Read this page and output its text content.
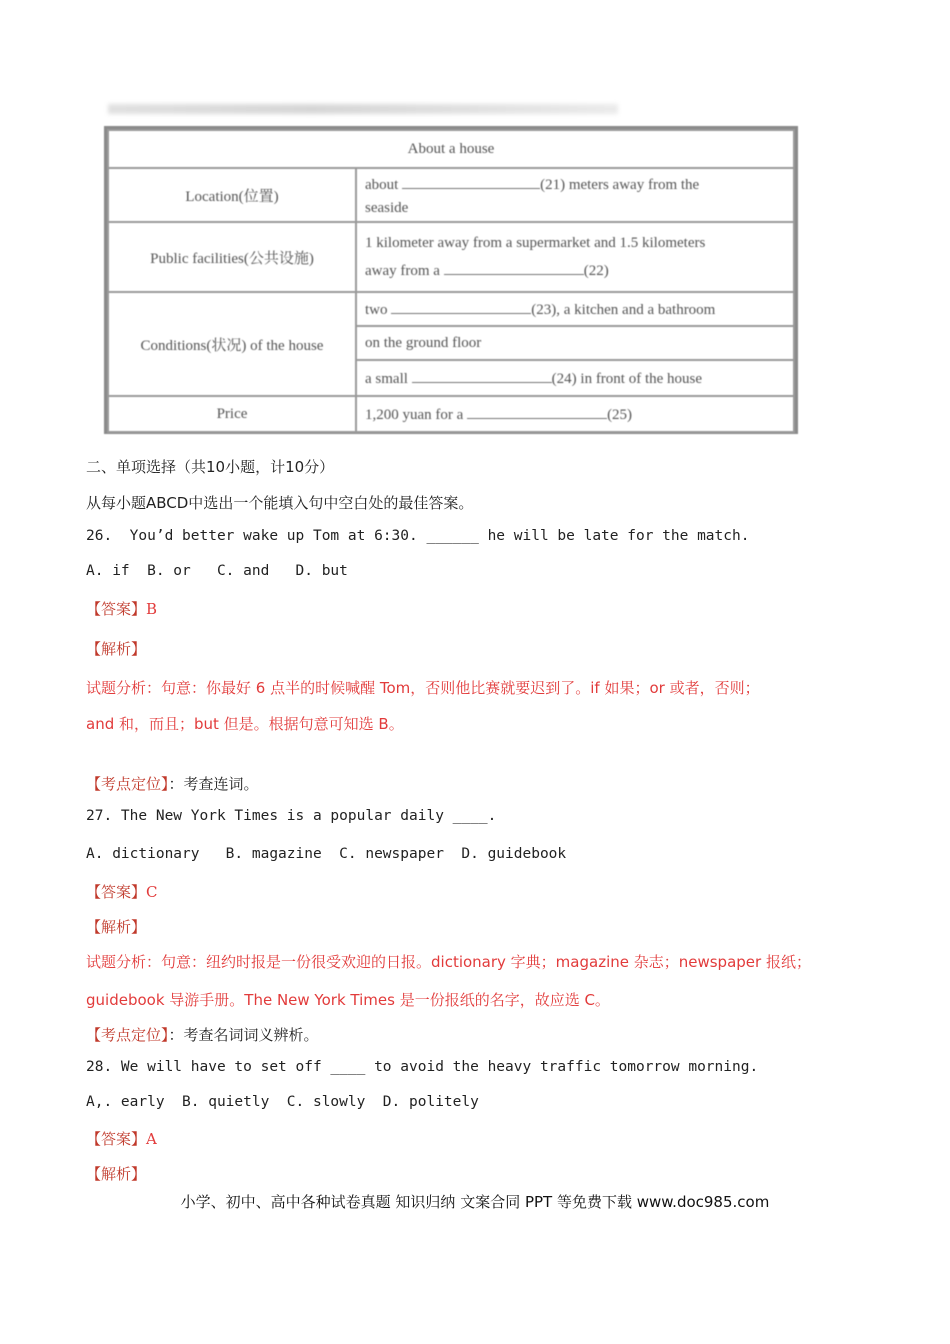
About a house	
Location(位置)	about (21) meters away from the
seaside

Public facilities(公共设施)	1 kilometer away from a supermarket and 1.5 kilometers
away from a (22)

Conditions(状况) of the house	two (23), a kitchen and a bathroom
	on the ground floor
	a small (24) in front of the house
Price	1,200 yuan for a (25)
二、单项选择（共10小题，计10分）
从每小题ABCD中选出一个能填入句中空白处的最佳答案。
26.  You’d better wake up Tom at 6:30. ______ he will be late for the match.
A. if  B. or   C. and   D. but
【答案】B
【解析】
试题分析：句意：你最好 6 点半的时候喊醒 Tom，否则他比赛就要迟到了。if 如果；or 或者，否则；
and 和，而且；but 但是。根据句意可知选 B。
【考点定位】：考查连词。
27. The New York Times is a popular daily ____.
A. dictionary   B. magazine  C. newspaper  D. guidebook
【答案】C
【解析】
试题分析：句意：纽约时报是一份很受欢迎的日报。dictionary 字典；magazine 杂志；newspaper 报纸；
guidebook 导游手册。The New York Times 是一份报纸的名字，故应选 C。
【考点定位】：考查名词词义辨析。
28. We will have to set off ____ to avoid the heavy traffic tomorrow morning.
A,. early  B. quietly  C. slowly  D. politely
【答案】A
【解析】
小学、初中、高中各种试卷真题 知识归纳 文案合同 PPT 等免费下载 www.doc985.com
